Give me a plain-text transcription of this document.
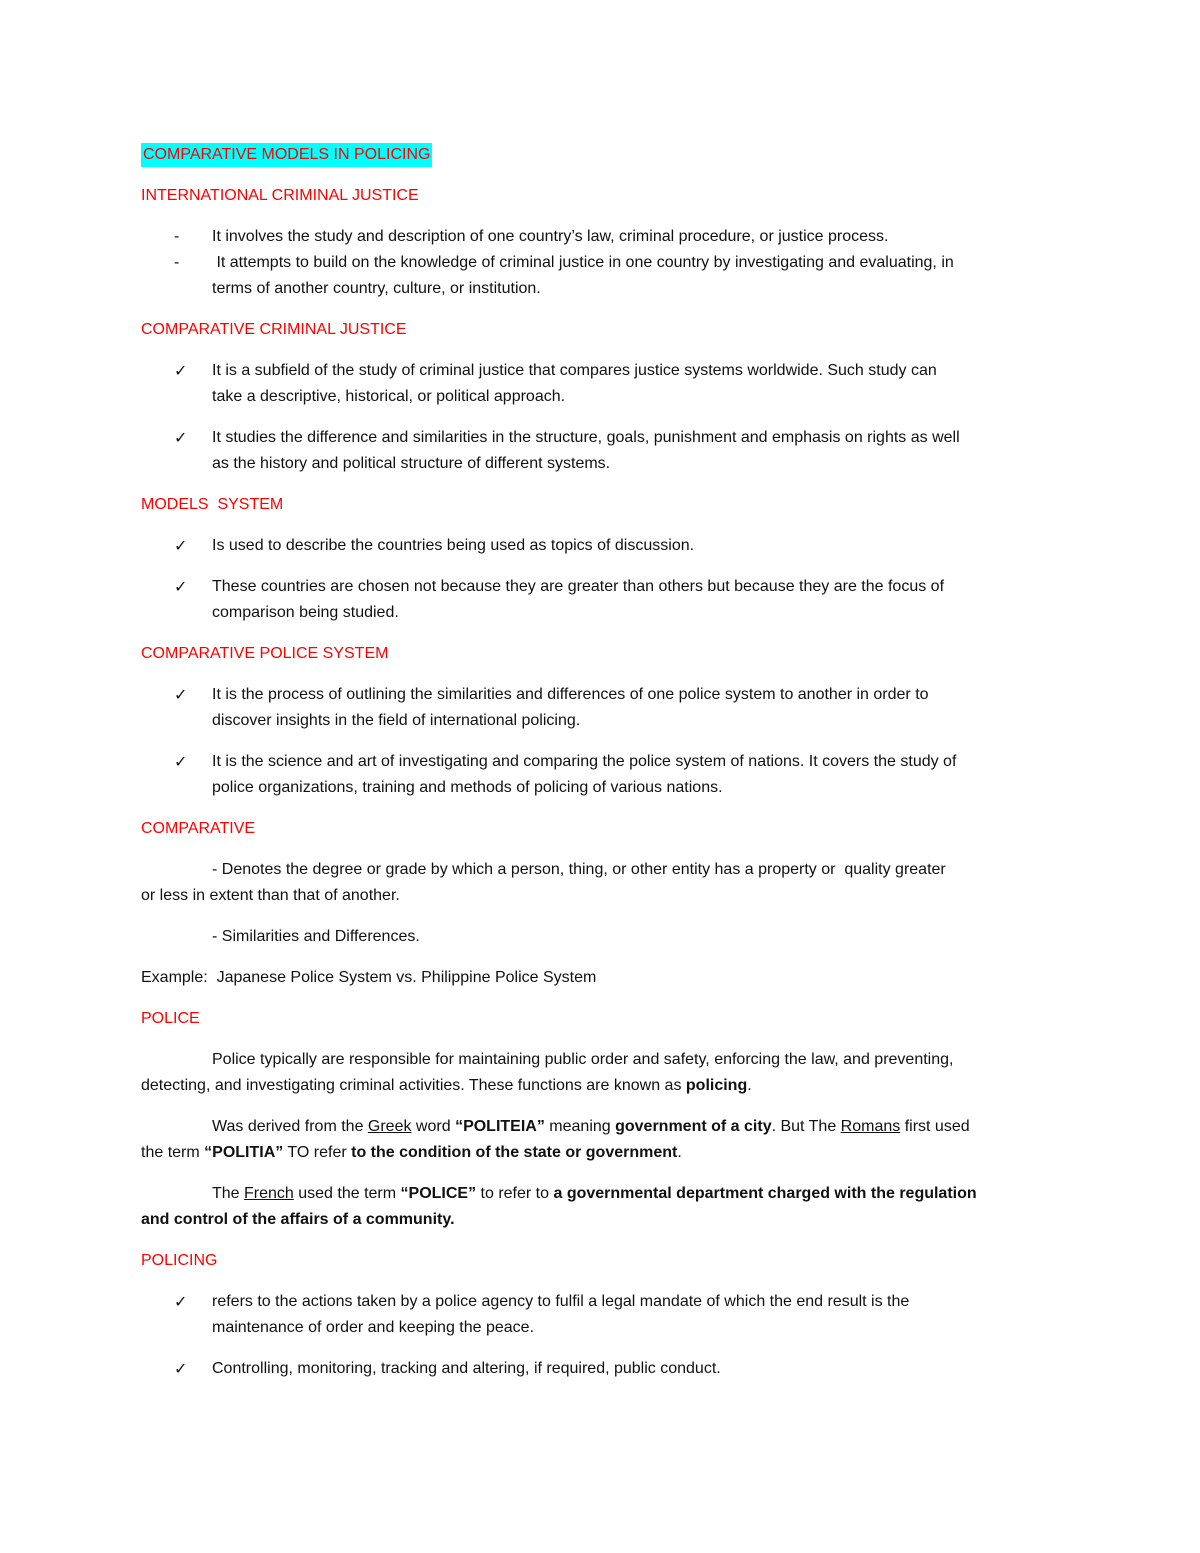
COMPARATIVE MODELS IN POLICING
INTERNATIONAL CRIMINAL JUSTICE
-	It involves the study and description of one country’s law, criminal procedure, or justice process.
-	It attempts to build on the knowledge of criminal justice in one country by investigating and evaluating, in
terms of another country, culture, or institution.
COMPARATIVE CRIMINAL JUSTICE
✓	It is a subfield of the study of criminal justice that compares justice systems worldwide. Such study can
take a descriptive, historical, or political approach.
✓	It studies the difference and similarities in the structure, goals, punishment and emphasis on rights as well
as the history and political structure of different systems.
MODELS  SYSTEM
✓	Is used to describe the countries being used as topics of discussion.
✓	These countries are chosen not because they are greater than others but because they are the focus of
comparison being studied.
COMPARATIVE POLICE SYSTEM
✓	It is the process of outlining the similarities and differences of one police system to another in order to
discover insights in the field of international policing.
✓	It is the science and art of investigating and comparing the police system of nations. It covers the study of
police organizations, training and methods of policing of various nations.
COMPARATIVE
- Denotes the degree or grade by which a person, thing, or other entity has a property or  quality greater
or less in extent than that of another.
- Similarities and Differences.
Example:  Japanese Police System vs. Philippine Police System
POLICE
Police typically are responsible for maintaining public order and safety, enforcing the law, and preventing,
detecting, and investigating criminal activities. These functions are known as policing.
Was derived from the Greek word “POLITEIA” meaning government of a city. But The Romans first used
the term “POLITIA” TO refer to the condition of the state or government.
The French used the term “POLICE” to refer to a governmental department charged with the regulation
and control of the affairs of a community.
POLICING
✓	refers to the actions taken by a police agency to fulfil a legal mandate of which the end result is the
maintenance of order and keeping the peace.
✓	Controlling, monitoring, tracking and altering, if required, public conduct.
